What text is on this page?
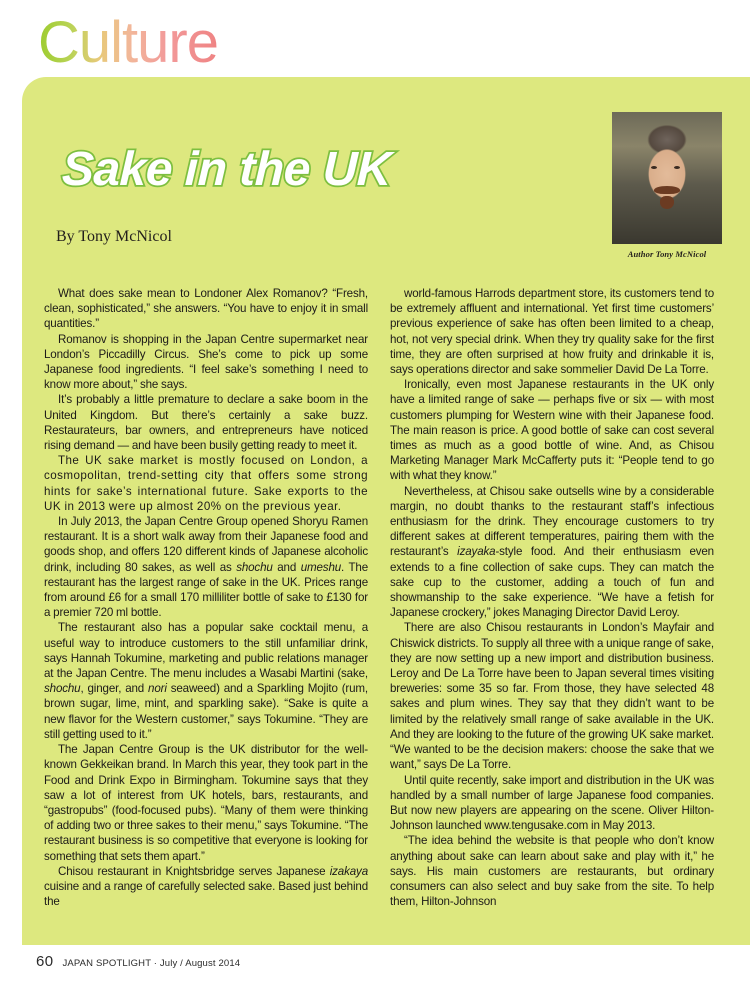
Culture
Sake in the UK
Author Tony McNicol
By Tony McNicol

What does sake mean to Londoner Alex Romanov? “Fresh, clean, sophisticated,” she answers. “You have to enjoy it in small quantities.”

Romanov is shopping in the Japan Centre supermarket near London’s Piccadilly Circus. She’s come to pick up some Japanese food ingredients. “I feel sake’s something I need to know more about,” she says.

It’s probably a little premature to declare a sake boom in the United Kingdom. But there’s certainly a sake buzz. Restaurateurs, bar owners, and entrepreneurs have noticed rising demand — and have been busily getting ready to meet it.

The UK sake market is mostly focused on London, a cosmopolitan, trend-setting city that offers some strong hints for sake’s international future. Sake exports to the UK in 2013 were up almost 20% on the previous year.

In July 2013, the Japan Centre Group opened Shoryu Ramen restaurant. It is a short walk away from their Japanese food and goods shop, and offers 120 different kinds of Japanese alcoholic drink, including 80 sakes, as well as shochu and umeshu. The restaurant has the largest range of sake in the UK. Prices range from around £6 for a small 170 milliliter bottle of sake to £130 for a premier 720 ml bottle.

The restaurant also has a popular sake cocktail menu, a useful way to introduce customers to the still unfamiliar drink, says Hannah Tokumine, marketing and public relations manager at the Japan Centre. The menu includes a Wasabi Martini (sake, shochu, ginger, and nori seaweed) and a Sparkling Mojito (rum, brown sugar, lime, mint, and sparkling sake). “Sake is quite a new flavor for the Western customer,” says Tokumine. “They are still getting used to it.”

The Japan Centre Group is the UK distributor for the well-known Gekkeikan brand. In March this year, they took part in the Food and Drink Expo in Birmingham. Tokumine says that they saw a lot of interest from UK hotels, bars, restaurants, and “gastropubs” (food-focused pubs). “Many of them were thinking of adding two or three sakes to their menu,” says Tokumine. “The restaurant business is so competitive that everyone is looking for something that sets them apart.”

Chisou restaurant in Knightsbridge serves Japanese izakaya cuisine and a range of carefully selected sake. Based just behind the

world-famous Harrods department store, its customers tend to be extremely affluent and international. Yet first time customers’ previous experience of sake has often been limited to a cheap, hot, not very special drink. When they try quality sake for the first time, they are often surprised at how fruity and drinkable it is, says operations director and sake sommelier David De La Torre.

Ironically, even most Japanese restaurants in the UK only have a limited range of sake — perhaps five or six — with most customers plumping for Western wine with their Japanese food. The main reason is price. A good bottle of sake can cost several times as much as a good bottle of wine. And, as Chisou Marketing Manager Mark McCafferty puts it: “People tend to go with what they know.”

Nevertheless, at Chisou sake outsells wine by a considerable margin, no doubt thanks to the restaurant staff’s infectious enthusiasm for the drink. They encourage customers to try different sakes at different temperatures, pairing them with the restaurant’s izayaka-style food. And their enthusiasm even extends to a fine collection of sake cups. They can match the sake cup to the customer, adding a touch of fun and showmanship to the sake experience. “We have a fetish for Japanese crockery,” jokes Managing Director David Leroy.

There are also Chisou restaurants in London’s Mayfair and Chiswick districts. To supply all three with a unique range of sake, they are now setting up a new import and distribution business. Leroy and De La Torre have been to Japan several times visiting breweries: some 35 so far. From those, they have selected 48 sakes and plum wines. They say that they didn’t want to be limited by the relatively small range of sake available in the UK. And they are looking to the future of the growing UK sake market. “We wanted to be the decision makers: choose the sake that we want,” says De La Torre.

Until quite recently, sake import and distribution in the UK was handled by a small number of large Japanese food companies. But now new players are appearing on the scene. Oliver Hilton-Johnson launched www.tengusake.com in May 2013.

“The idea behind the website is that people who don’t know anything about sake can learn about sake and play with it,” he says. His main customers are restaurants, but ordinary consumers can also select and buy sake from the site. To help them, Hilton-Johnson

60 JAPAN SPOTLIGHT · July / August 2014
